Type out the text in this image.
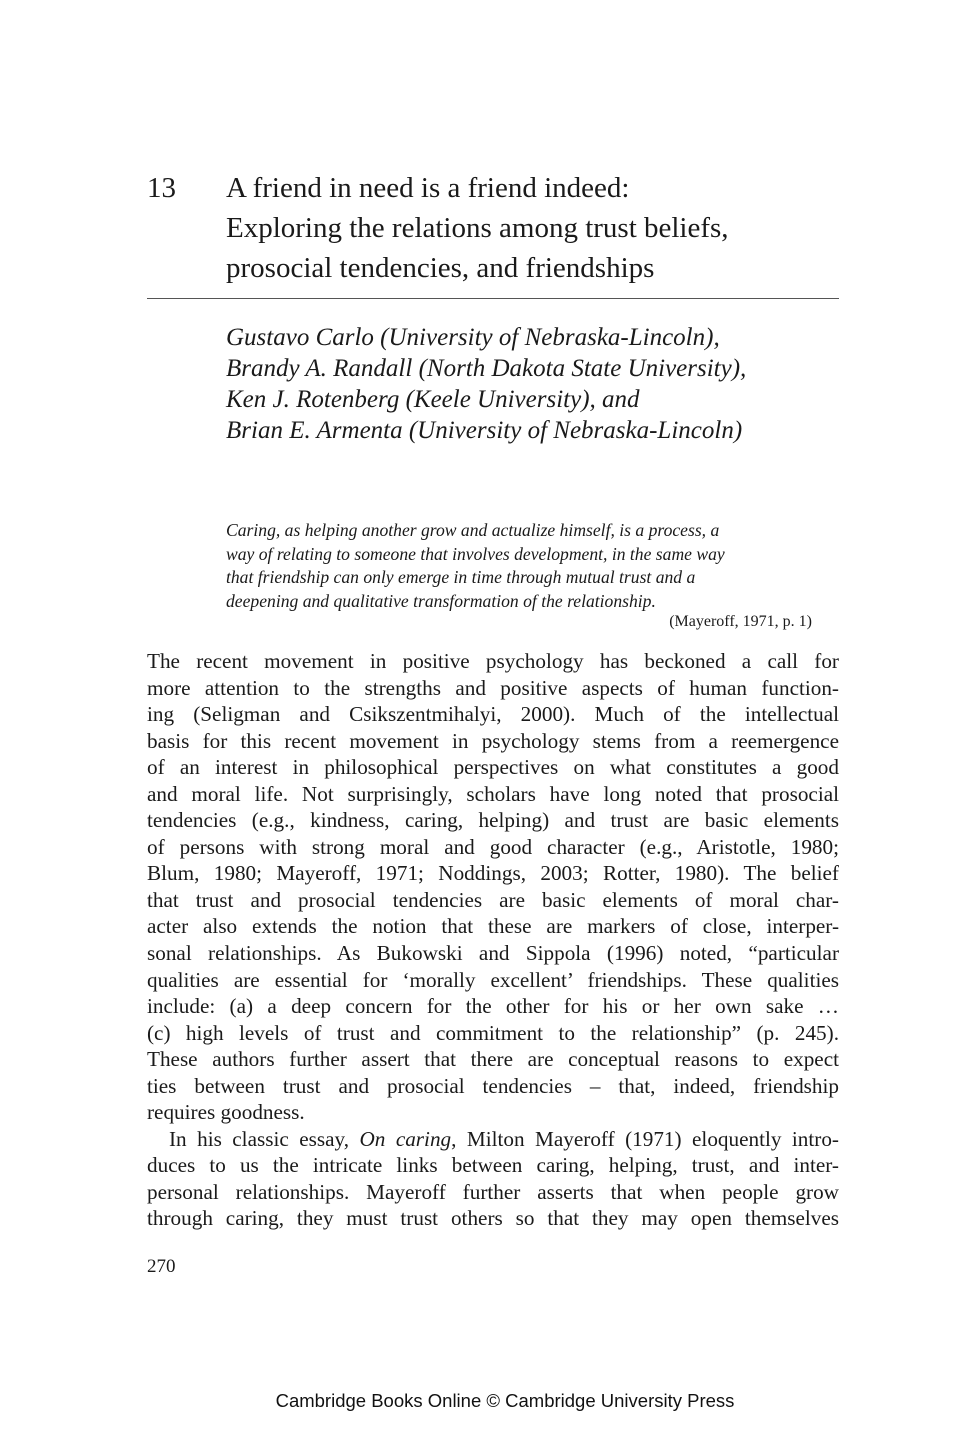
13 A friend in need is a friend indeed:
Exploring the relations among trust beliefs,
prosocial tendencies, and friendships
Gustavo Carlo (University of Nebraska-Lincoln),
Brandy A. Randall (North Dakota State University),
Ken J. Rotenberg (Keele University), and
Brian E. Armenta (University of Nebraska-Lincoln)
Caring, as helping another grow and actualize himself, is a process, a
way of relating to someone that involves development, in the same way
that friendship can only emerge in time through mutual trust and a
deepening and qualitative transformation of the relationship.
(Mayeroff, 1971, p. 1)
The recent movement in positive psychology has beckoned a call for
more attention to the strengths and positive aspects of human function-
ing (Seligman and Csikszentmihalyi, 2000). Much of the intellectual
basis for this recent movement in psychology stems from a reemergence
of an interest in philosophical perspectives on what constitutes a good
and moral life. Not surprisingly, scholars have long noted that prosocial
tendencies (e.g., kindness, caring, helping) and trust are basic elements
of persons with strong moral and good character (e.g., Aristotle, 1980;
Blum, 1980; Mayeroff, 1971; Noddings, 2003; Rotter, 1980). The belief
that trust and prosocial tendencies are basic elements of moral char-
acter also extends the notion that these are markers of close, interper-
sonal relationships. As Bukowski and Sippola (1996) noted, “particular
qualities are essential for ‘morally excellent’ friendships. These qualities
include: (a) a deep concern for the other for his or her own sake …
(c) high levels of trust and commitment to the relationship” (p. 245).
These authors further assert that there are conceptual reasons to expect
ties between trust and prosocial tendencies – that, indeed, friendship
requires goodness.
In his classic essay, On caring, Milton Mayeroff (1971) eloquently intro-
duces to us the intricate links between caring, helping, trust, and inter-
personal relationships. Mayeroff further asserts that when people grow
through caring, they must trust others so that they may open themselves
270
Cambridge Books Online © Cambridge University Press
